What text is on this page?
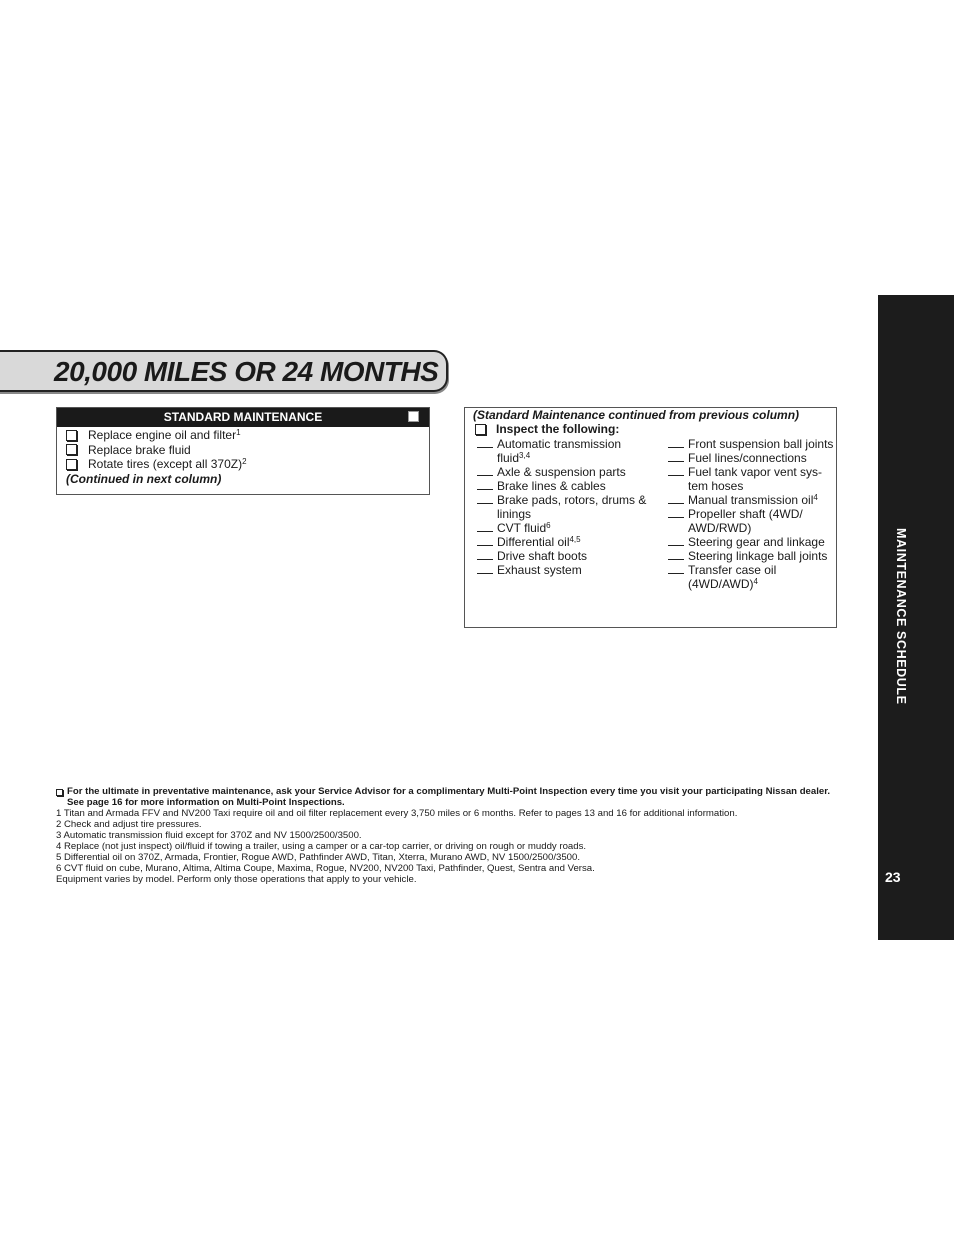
20,000 MILES OR 24 MONTHS
STANDARD MAINTENANCE
Replace engine oil and filter$^1$
Replace brake fluid
Rotate tires (except all 370Z)$^2$
(Continued in next column)
(Standard Maintenance continued from previous column)
Inspect the following:
Automatic transmission fluid$^{3,4}$
Axle & suspension parts
Brake lines & cables
Brake pads, rotors, drums & linings
CVT fluid$^6$
Differential oil$^{4,5}$
Drive shaft boots
Exhaust system
Front suspension ball joints
Fuel lines/connections
Fuel tank vapor vent sys-tem hoses
Manual transmission oil$^4$
Propeller shaft (4WD/ AWD/RWD)
Steering gear and linkage
Steering linkage ball joints
Transfer case oil $(4WD/AWD)^4$
For the ultimate in preventative maintenance, ask your Service Advisor for a complimentary Multi-Point Inspection every time you visit your participating Nissan dealer. See page 16 for more information on Multi-Point Inspections.
1 Titan and Armada FFV and NV200 Taxi require oil and oil filter replacement every 3,750 miles or 6 months. Refer to pages 13 and 16 for additional information.
2 Check and adjust tire pressures.
3 Automatic transmission fluid except for 370Z and NV 1500/2500/3500.
4 Replace (not just inspect) oil/fluid if towing a trailer, using a camper or a car-top carrier, or driving on rough or muddy roads.
5 Differential oil on 370Z, Armada, Frontier, Rogue AWD, Pathfinder AWD, Titan, Xterra, Murano AWD, NV 1500/2500/3500.
6 CVT fluid on cube, Murano, Altima, Altima Coupe, Maxima, Rogue, NV200, NV200 Taxi, Pathfinder, Quest, Sentra and Versa.
Equipment varies by model. Perform only those operations that apply to your vehicle.
MAINTENANCE SCHEDULE
23
